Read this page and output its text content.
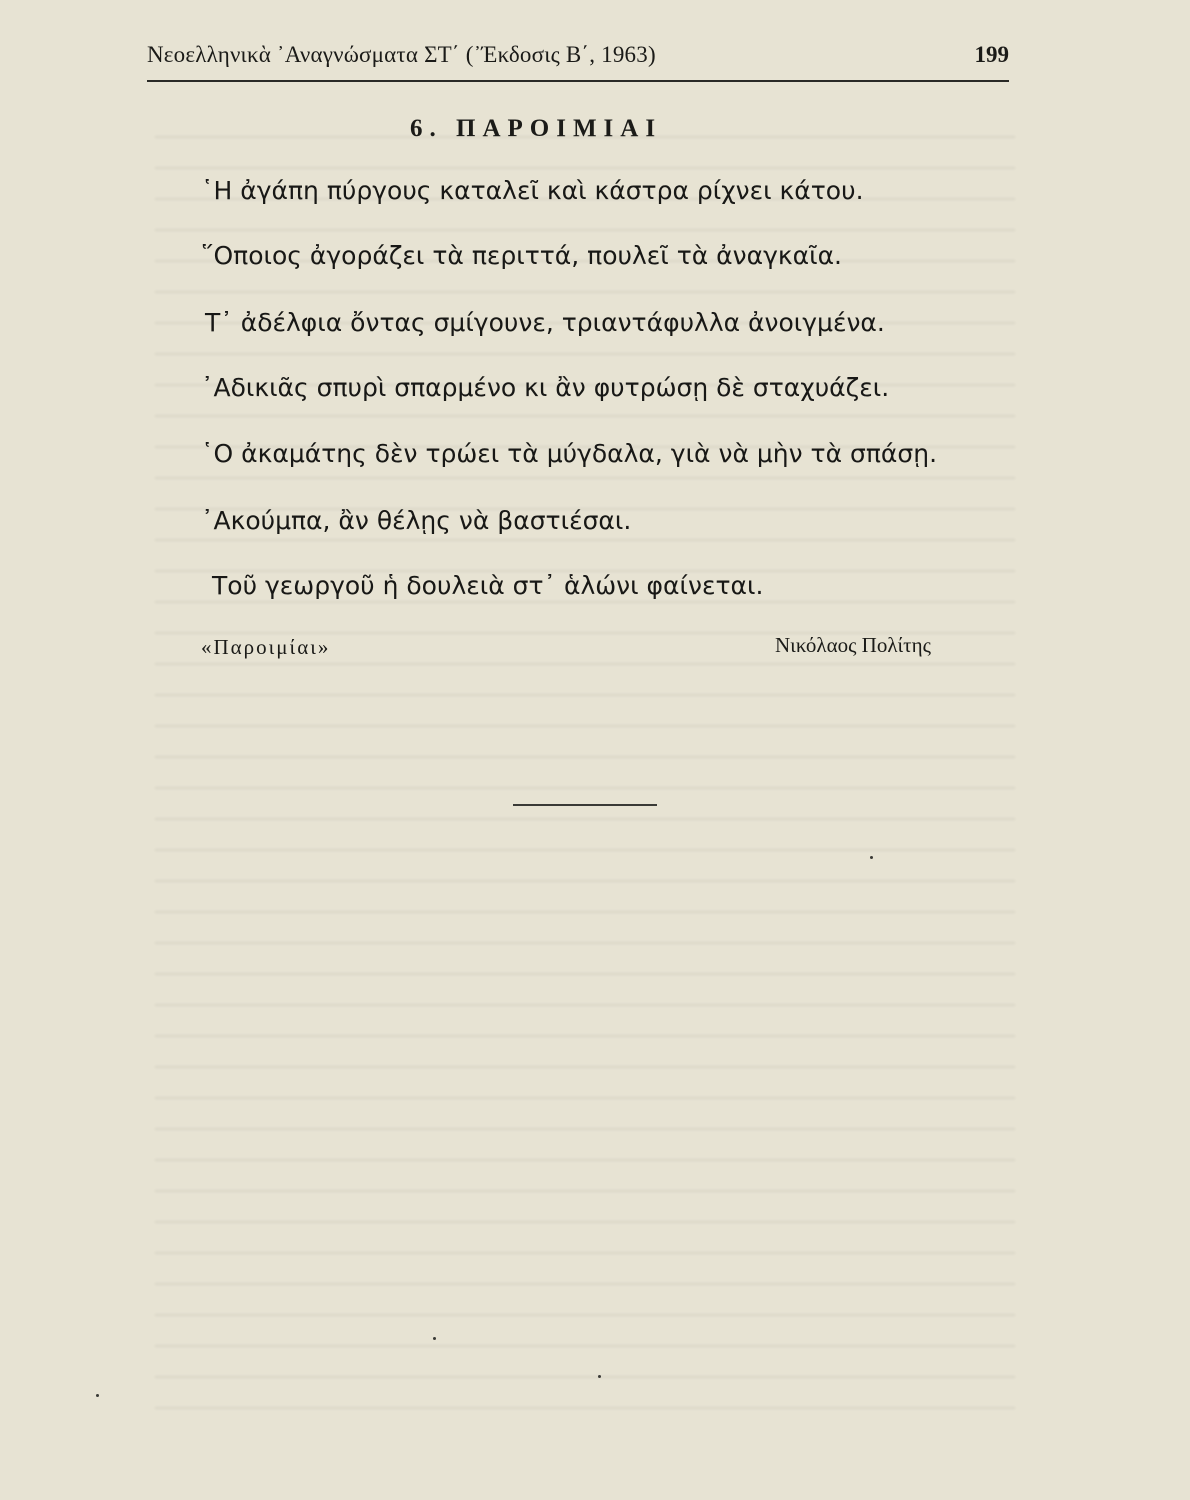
Νεοελληνικὰ ᾿Αναγνώσματα ΣΤ΄ (᾿Έκδοσις Β΄, 1963)	199
6. ΠΑΡΟΙΜΙΑΙ
῾Η ἀγάπη πύργους καταλεῖ καὶ κάστρα ρίχνει κάτου.
῞Οποιος ἀγοράζει τὰ περιττά, πουλεῖ τὰ ἀναγκαῖα.
Τ᾿ ἀδέλφια ὄντας σμίγουνε, τριαντάφυλλα ἀνοιγμένα.
᾿Αδικιᾶς σπυρὶ σπαρμένο κι ἂν φυτρώσῃ δὲ σταχυάζει.
῾Ο ἀκαμάτης δὲν τρώει τὰ μύγδαλα, γιὰ νὰ μὴν τὰ σπάσῃ.
᾿Ακούμπα, ἂν θέλῃς νὰ βαστιέσαι.
Τοῦ γεωργοῦ ἡ δουλειὰ στ᾿ ἁλώνι φαίνεται.
«Παροιμίαι»	Νικόλαος Πολίτης
